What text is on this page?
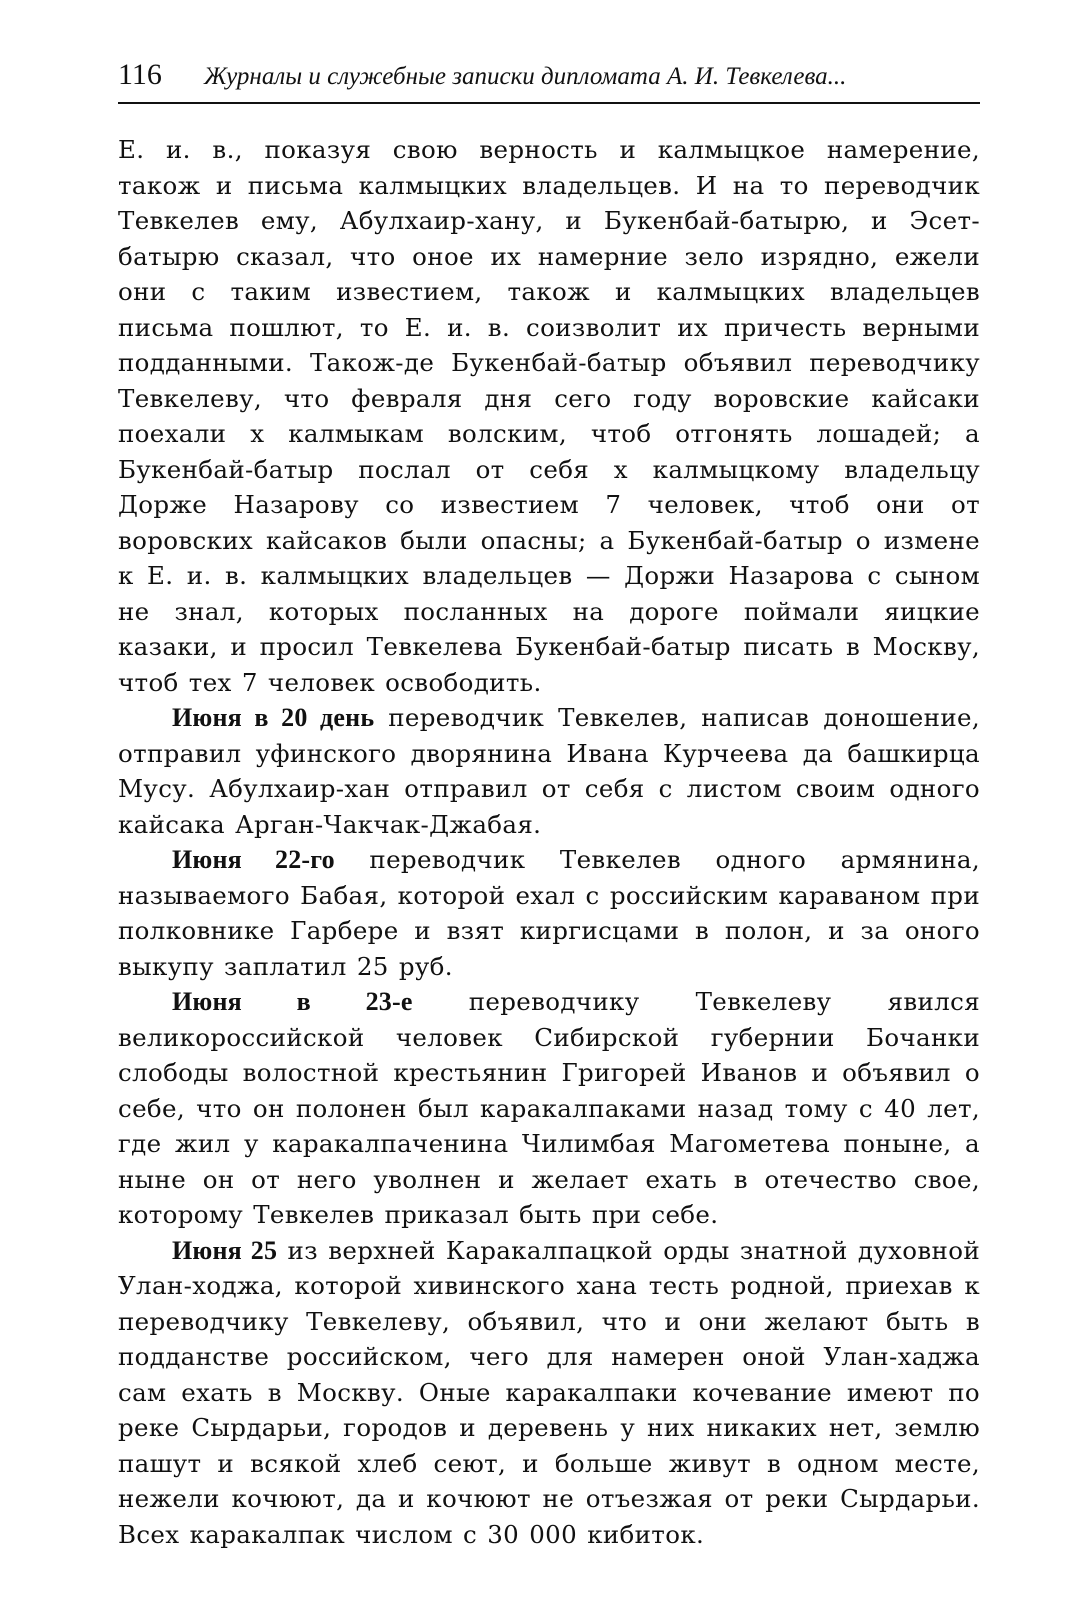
116	Журналы и служебные записки дипломата А. И. Тевкелева...

Е. и. в., показуя свою верность и калмыцкое намерение, також и письма калмыцких владельцев. И на то переводчик Тевкелев ему, Абулхаир-хану, и Букенбай-батырю, и Эсет-батырю сказал, что оное их намерние зело изрядно, ежели они с таким известием, також и калмыцких владельцев письма пошлют, то Е. и. в. соизволит их причесть верными подданными. Також-де Букенбай-батыр объявил переводчику Тевкелеву, что февраля дня сего году воровские кайсаки поехали х калмыкам волским, чтоб отгонять лошадей; а Букенбай-батыр послал от себя х калмыцкому владельцу Дорже Назарову со известием 7 человек, чтоб они от воровских кайсаков были опасны; а Букенбай-батыр о измене к Е. и. в. калмыцких владельцев — Доржи Назарова с сыном не знал, которых посланных на дороге поймали яицкие казаки, и просил Тевкелева Букенбай-батыр писать в Москву, чтоб тех 7 человек освободить.

Июня в 20 день переводчик Тевкелев, написав доношение, отправил уфинского дворянина Ивана Курчеева да башкирца Мусу. Абулхаир-хан отправил от себя с листом своим одного кайсака Арган-Чакчак-Джабая.

Июня 22-го переводчик Тевкелев одного армянина, называемого Бабая, которой ехал с российским караваном при полковнике Гарбере и взят киргисцами в полон, и за оного выкупу заплатил 25 руб.

Июня в 23-е переводчику Тевкелеву явился великороссийской человек Сибирской губернии Бочанки слободы волостной крестьянин Григорей Иванов и объявил о себе, что он полонен был каракалпаками назад тому с 40 лет, где жил у каракалпаченина Чилимбая Магометева поныне, а ныне он от него уволнен и желает ехать в отечество свое, которому Тевкелев приказал быть при себе.

Июня 25 из верхней Каракалпацкой орды знатной духовной Улан-ходжа, которой хивинского хана тесть родной, приехав к переводчику Тевкелеву, объявил, что и они желают быть в подданстве российском, чего для намерен оной Улан-хаджа сам ехать в Москву. Оные каракалпаки кочевание имеют по реке Сырдарьи, городов и деревень у них никаких нет, землю пашут и всякой хлеб сеют, и больше живут в одном месте, нежели кочюют, да и кочюют не отъезжая от реки Сырдарьи. Всех каракалпак числом с 30 000 кибиток.
